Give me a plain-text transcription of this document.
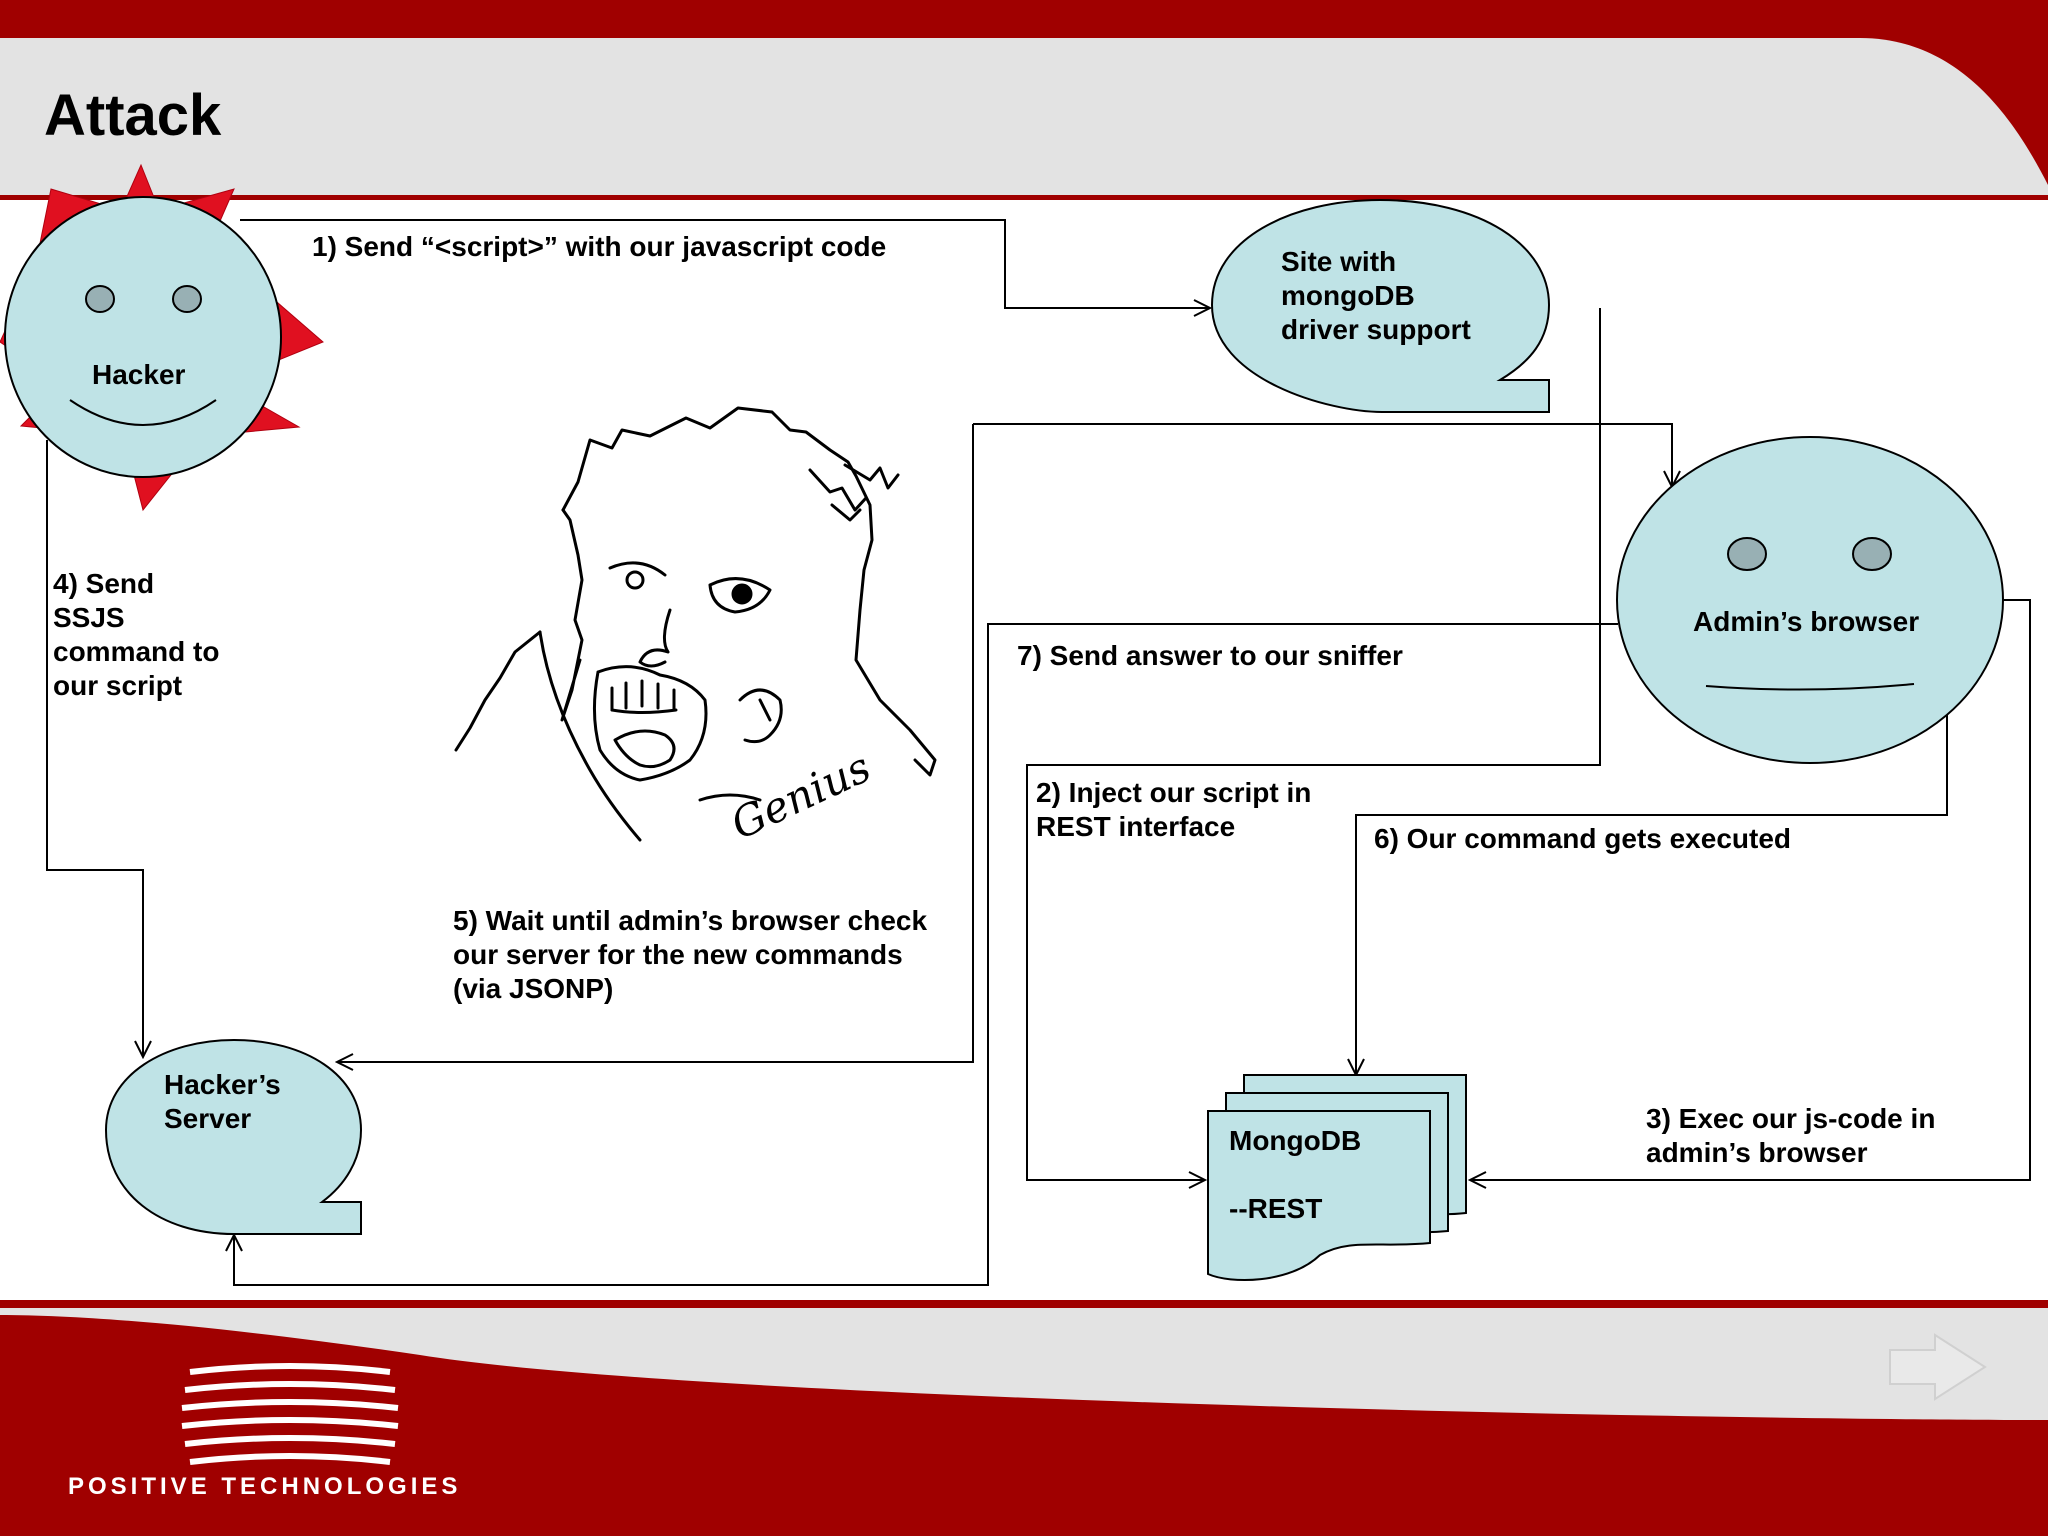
Attack
POSITIVE TECHNOLOGIES
Hacker
Site with
mongoDB
driver support
Admin’s browser
Hacker’s
Server
MongoDB
--REST
Genius
1) Send “<script>” with our javascript code
2) Inject our script in
REST interface
3) Exec our js-code in
admin’s browser
4) Send
SSJS
command to
our script
5) Wait until admin’s browser check
our server for the new commands
(via JSONP)
6) Our command gets executed
7) Send answer to our sniffer
